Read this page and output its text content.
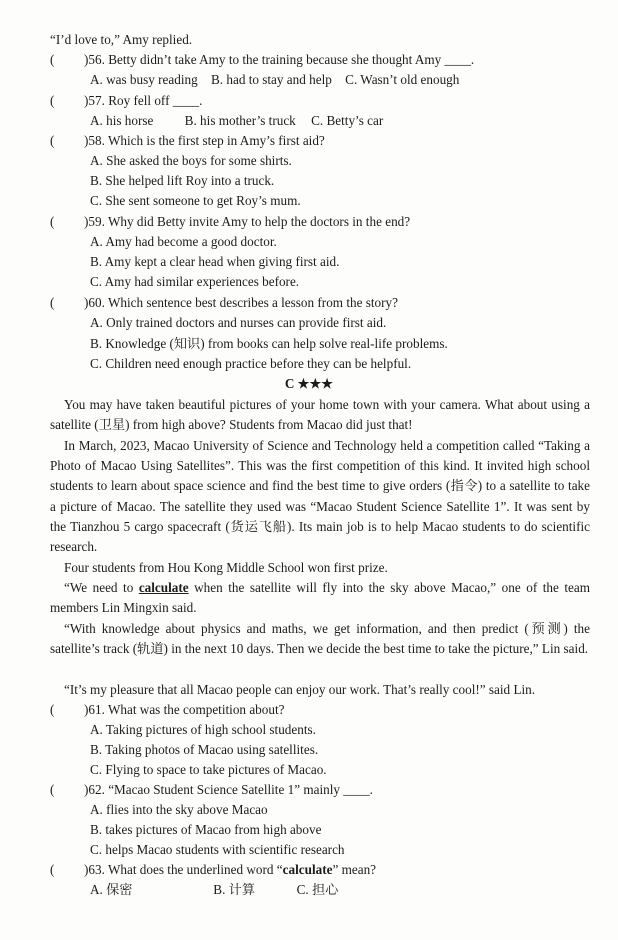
“I’d love to,” Amy replied.
( )56. Betty didn’t take Amy to the training because she thought Amy ____.
A. was busy reading B. had to stay and help C. Wasn’t old enough
( )57. Roy fell off ____.
A. his horse B. his mother’s truck C. Betty’s car
( )58. Which is the first step in Amy’s first aid?
A. She asked the boys for some shirts.
B. She helped lift Roy into a truck.
C. She sent someone to get Roy’s mum.
( )59. Why did Betty invite Amy to help the doctors in the end?
A. Amy had become a good doctor.
B. Amy kept a clear head when giving first aid.
C. Amy had similar experiences before.
( )60. Which sentence best describes a lesson from the story?
A. Only trained doctors and nurses can provide first aid.
B. Knowledge (知识) from books can help solve real-life problems.
C. Children need enough practice before they can be helpful.
C ★★★
You may have taken beautiful pictures of your home town with your camera. What about using a satellite (卫星) from high above? Students from Macao did just that!
In March, 2023, Macao University of Science and Technology held a competition called “Taking a Photo of Macao Using Satellites”. This was the first competition of this kind. It invited high school students to learn about space science and find the best time to give orders (指令) to a satellite to take a picture of Macao. The satellite they used was “Macao Student Science Satellite 1”. It was sent by the Tianzhou 5 cargo spacecraft (货运飞船). Its main job is to help Macao students to do scientific research.
Four students from Hou Kong Middle School won first prize.
“We need to calculate when the satellite will fly into the sky above Macao,” one of the team members Lin Mingxin said.
“With knowledge about physics and maths, we get information, and then predict (预测) the satellite’s track (轨道) in the next 10 days. Then we decide the best time to take the picture,” Lin said.
“It’s my pleasure that all Macao people can enjoy our work. That’s really cool!” said Lin.
( )61. What was the competition about?
A. Taking pictures of high school students.
B. Taking photos of Macao using satellites.
C. Flying to space to take pictures of Macao.
( )62. “Macao Student Science Satellite 1” mainly ____.
A. flies into the sky above Macao
B. takes pictures of Macao from high above
C. helps Macao students with scientific research
( )63. What does the underlined word “calculate” mean?
A. 保密	B. 计算	C. 担心
